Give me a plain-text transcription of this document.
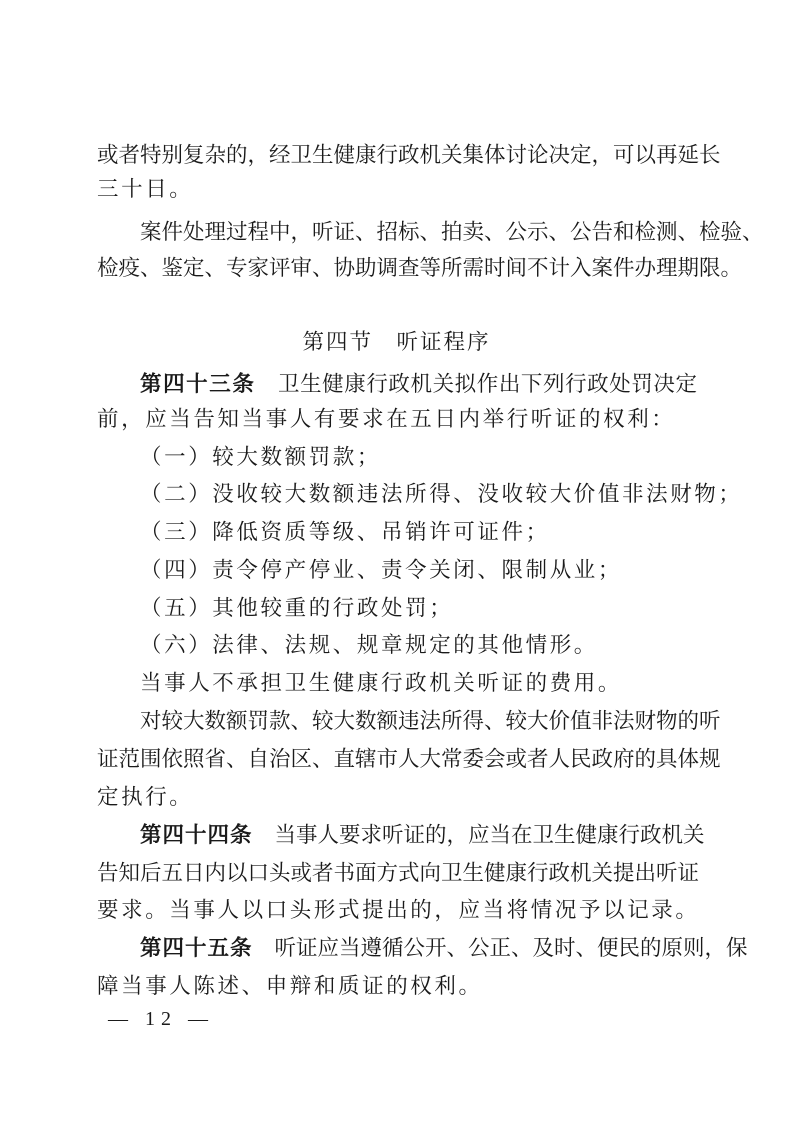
或者特别复杂的，经卫生健康行政机关集体讨论决定，可以再延长
三十日。
案件处理过程中，听证、招标、拍卖、公示、公告和检测、检验、
检疫、鉴定、专家评审、协助调查等所需时间不计入案件办理期限。
第四节　听证程序
第四十三条 卫生健康行政机关拟作出下列行政处罚决定
前，应当告知当事人有要求在五日内举行听证的权利：
（一）较大数额罚款；
（二）没收较大数额违法所得、没收较大价值非法财物；
（三）降低资质等级、吊销许可证件；
（四）责令停产停业、责令关闭、限制从业；
（五）其他较重的行政处罚；
（六）法律、法规、规章规定的其他情形。
当事人不承担卫生健康行政机关听证的费用。
对较大数额罚款、较大数额违法所得、较大价值非法财物的听
证范围依照省、自治区、直辖市人大常委会或者人民政府的具体规
定执行。
第四十四条 当事人要求听证的，应当在卫生健康行政机关
告知后五日内以口头或者书面方式向卫生健康行政机关提出听证
要求。当事人以口头形式提出的，应当将情况予以记录。
第四十五条 听证应当遵循公开、公正、及时、便民的原则，保
障当事人陈述、申辩和质证的权利。
— 12 —
